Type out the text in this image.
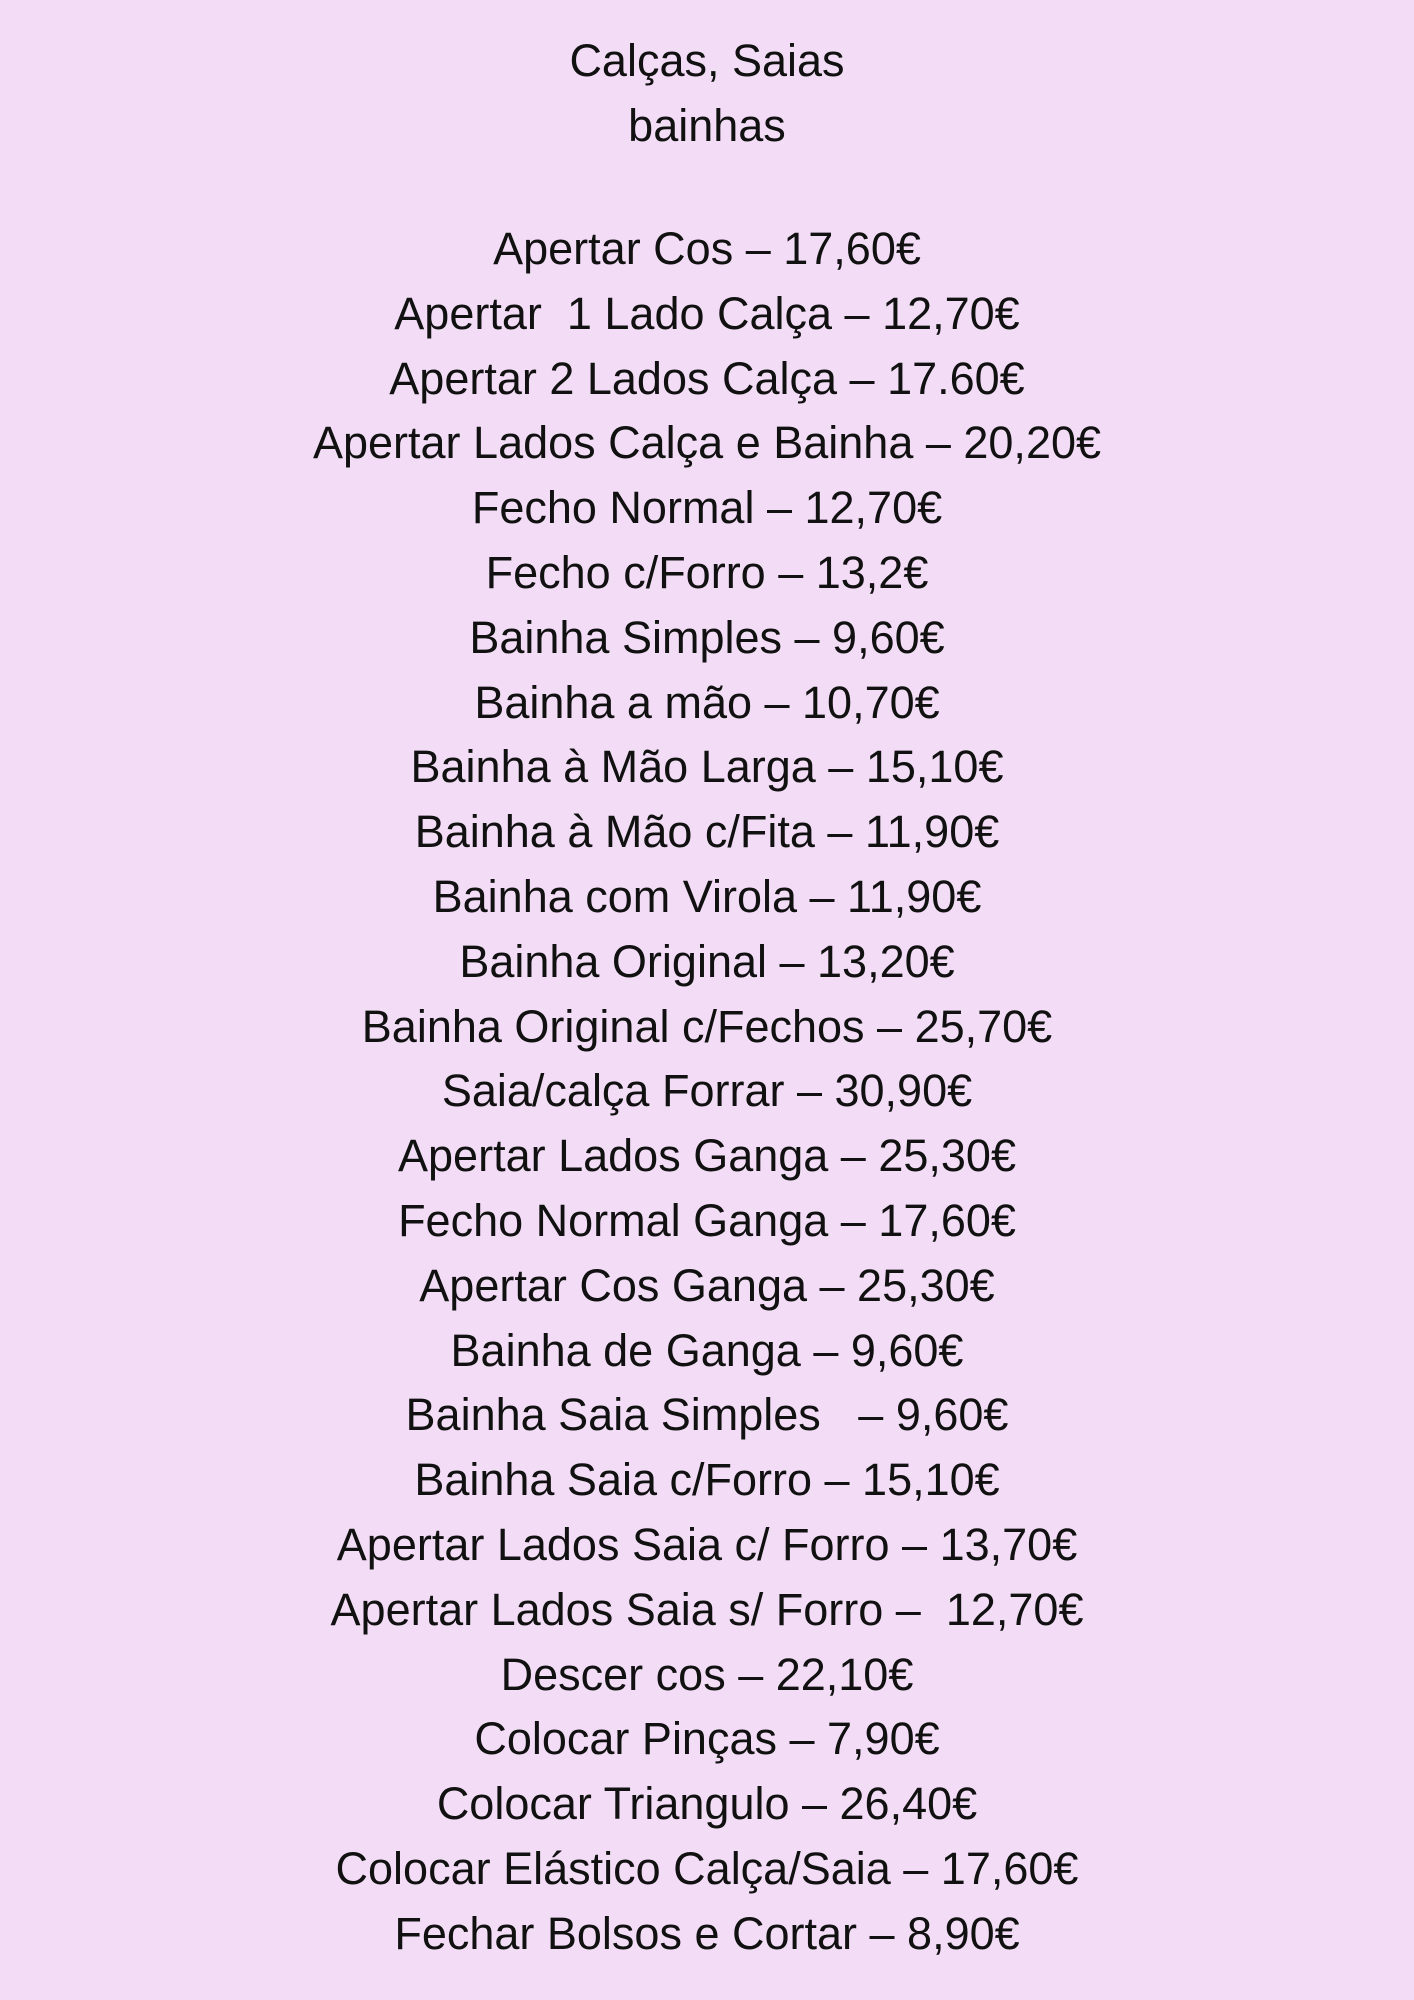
Calças, Saias
bainhas
Apertar Cos – 17,60€
Apertar  1 Lado Calça – 12,70€
Apertar 2 Lados Calça – 17.60€
Apertar Lados Calça e Bainha – 20,20€
Fecho Normal – 12,70€
Fecho c/Forro – 13,2€
Bainha Simples – 9,60€
Bainha a mão – 10,70€
Bainha à Mão Larga – 15,10€
Bainha à Mão c/Fita – 11,90€
Bainha com Virola – 11,90€
Bainha Original – 13,20€
Bainha Original c/Fechos – 25,70€
Saia/calça Forrar – 30,90€
Apertar Lados Ganga – 25,30€
Fecho Normal Ganga – 17,60€
Apertar Cos Ganga – 25,30€
Bainha de Ganga – 9,60€
Bainha Saia Simples   – 9,60€
Bainha Saia c/Forro – 15,10€
Apertar Lados Saia c/ Forro – 13,70€
Apertar Lados Saia s/ Forro –  12,70€
Descer cos – 22,10€
Colocar Pinças – 7,90€
Colocar Triangulo – 26,40€
Colocar Elástico Calça/Saia – 17,60€
Fechar Bolsos e Cortar – 8,90€
